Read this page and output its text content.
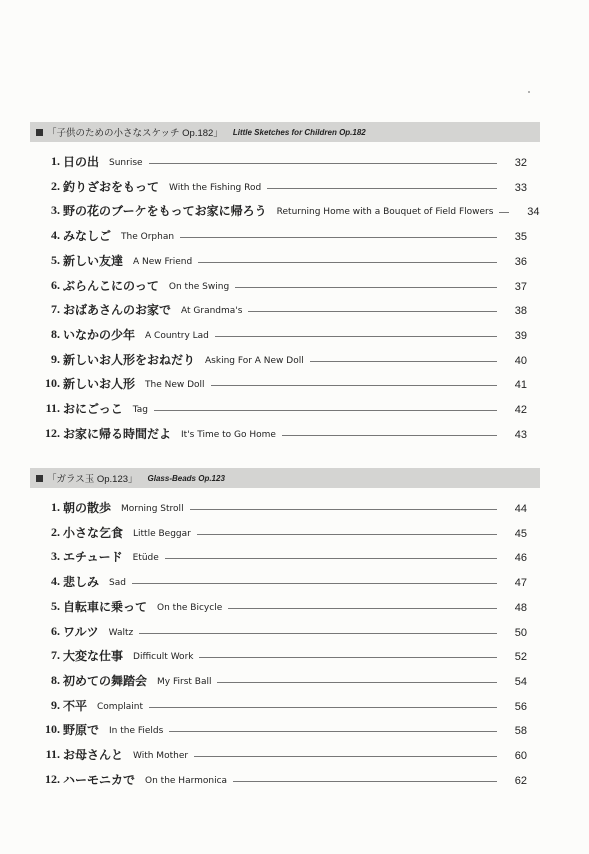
「子供のための小さなスケッチ Op.182」 Little Sketches for Children Op.182
1. 日の出 Sunrise	32
2. 釣りざおをもって With the Fishing Rod	33
3. 野の花のブーケをもってお家に帰ろう Returning Home with a Bouquet of Field Flowers	34
4. みなしご The Orphan	35
5. 新しい友達 A New Friend	36
6. ぶらんこにのって On the Swing	37
7. おばあさんのお家で At Grandma's	38
8. いなかの少年 A Country Lad	39
9. 新しいお人形をおねだり Asking For A New Doll	40
10. 新しいお人形 The New Doll	41
11. おにごっこ Tag	42
12. お家に帰る時間だよ It's Time to Go Home	43
「ガラス玉 Op.123」 Glass-Beads Op.123
1. 朝の散歩 Morning Stroll	44
2. 小さな乞食 Little Beggar	45
3. エチュード Etüde	46
4. 悲しみ Sad	47
5. 自転車に乗って On the Bicycle	48
6. ワルツ Waltz	50
7. 大変な仕事 Difficult Work	52
8. 初めての舞踏会 My First Ball	54
9. 不平 Complaint	56
10. 野原で In the Fields	58
11. お母さんと With Mother	60
12. ハーモニカで On the Harmonica	62
